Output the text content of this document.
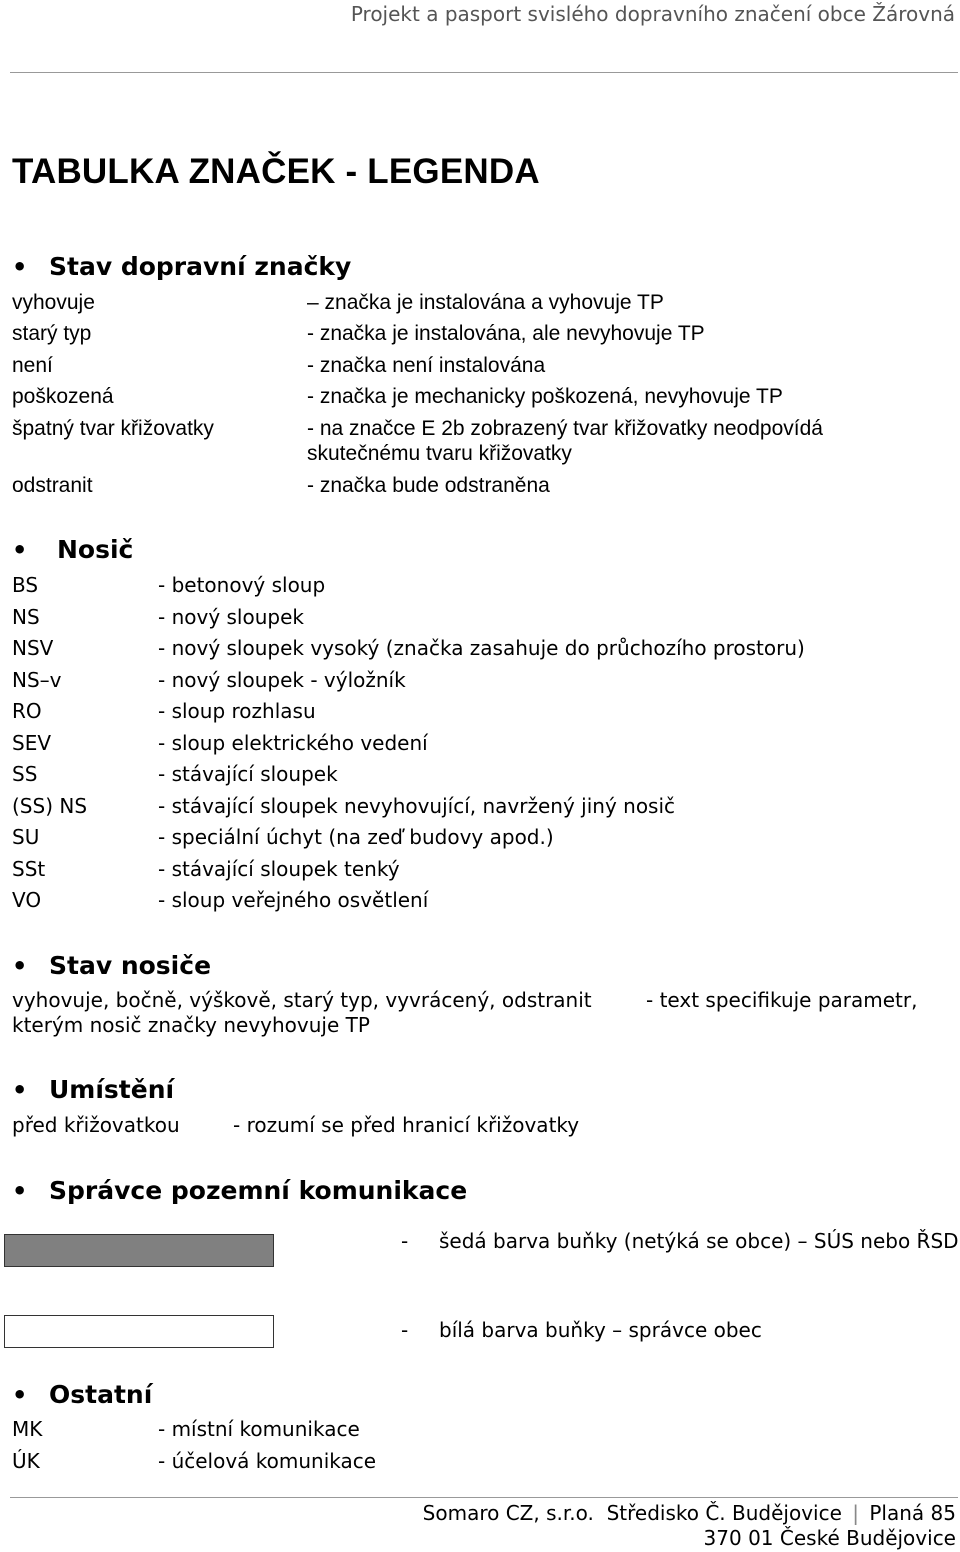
Projekt a pasport svislého dopravního značení obce Žárovná
TABULKA ZNAČEK - LEGENDA
• Stav dopravní značky
vyhovuje	– značka je instalována a vyhovuje TP
starý typ	- značka je instalována, ale nevyhovuje TP
není	- značka není instalována
poškozená	- značka je mechanicky poškozená, nevyhovuje TP
špatný tvar křižovatky	- na značce E 2b zobrazený tvar křižovatky neodpovídá
skutečnému tvaru křižovatky
odstranit	- značka bude odstraněna
• Nosič
BS	- betonový sloup
NS	- nový sloupek
NSV	- nový sloupek vysoký (značka zasahuje do průchozího prostoru)
NS–v	- nový sloupek - výložník
RO	- sloup rozhlasu
SEV	- sloup elektrického vedení
SS	- stávající sloupek
(SS) NS	- stávající sloupek nevyhovující, navržený jiný nosič
SU	- speciální úchyt (na zeď budovy apod.)
SSt	- stávající sloupek tenký
VO	- sloup veřejného osvětlení
• Stav nosiče
vyhovuje, bočně, výškově, starý typ, vyvrácený, odstranit	- text specifikuje parametr,
kterým nosič značky nevyhovuje TP
• Umístění
před křižovatkou	- rozumí se před hranicí křižovatky
• Správce pozemní komunikace
- šedá barva buňky (netýká se obce) – SÚS nebo ŘSD
- bílá barva buňky – správce obec
• Ostatní
MK	- místní komunikace
ÚK	- účelová komunikace
Somaro CZ, s.r.o. Středisko Č. Budějovice | Planá 85
370 01 České Budějovice
